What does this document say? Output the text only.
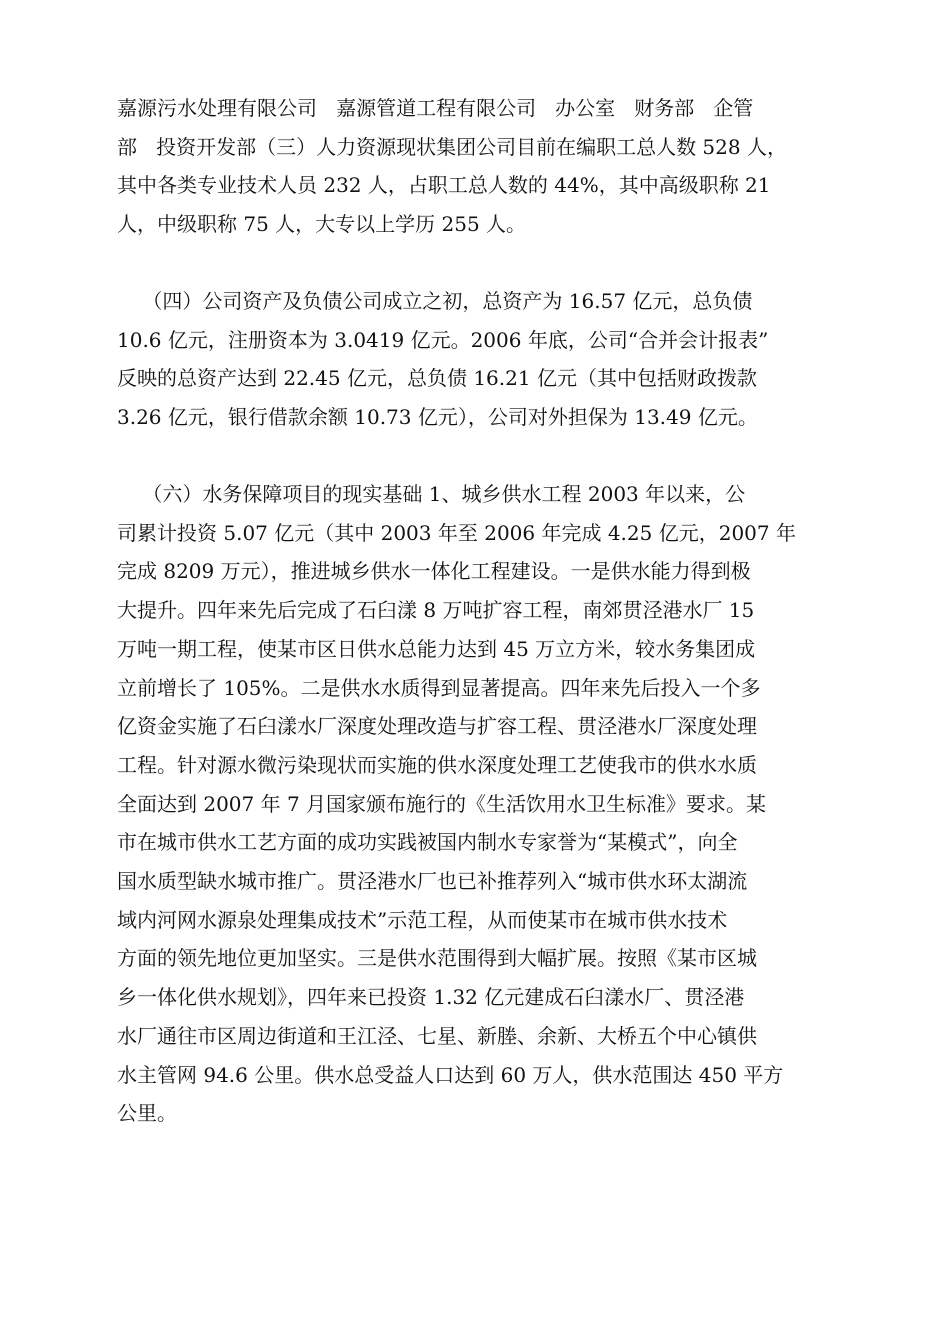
嘉源污水处理有限公司   嘉源管道工程有限公司   办公室   财务部   企管
部   投资开发部（三）人力资源现状集团公司目前在编职工总人数 528 人，
其中各类专业技术人员 232 人，占职工总人数的 44%，其中高级职称 21
人，中级职称 75 人，大专以上学历 255 人。
（四）公司资产及负债公司成立之初，总资产为 16.57 亿元，总负债
10.6 亿元，注册资本为 3.0419 亿元。2006 年底，公司“合并会计报表”
反映的总资产达到 22.45 亿元，总负债 16.21 亿元（其中包括财政拨款
3.26 亿元，银行借款余额 10.73 亿元），公司对外担保为 13.49 亿元。
（六）水务保障项目的现实基础 1、城乡供水工程 2003 年以来，公
司累计投资 5.07 亿元（其中 2003 年至 2006 年完成 4.25 亿元，2007 年
完成 8209 万元），推进城乡供水一体化工程建设。一是供水能力得到极
大提升。四年来先后完成了石臼漾 8 万吨扩容工程，南郊贯泾港水厂 15
万吨一期工程，使某市区日供水总能力达到 45 万立方米，较水务集团成
立前增长了 105%。二是供水水质得到显著提高。四年来先后投入一个多
亿资金实施了石臼漾水厂深度处理改造与扩容工程、贯泾港水厂深度处理
工程。针对源水微污染现状而实施的供水深度处理工艺使我市的供水水质
全面达到 2007 年 7 月国家颁布施行的《生活饮用水卫生标准》要求。某
市在城市供水工艺方面的成功实践被国内制水专家誉为“某模式”，向全
国水质型缺水城市推广。贯泾港水厂也已补推荐列入“城市供水环太湖流
域内河网水源泉处理集成技术”示范工程，从而使某市在城市供水技术
方面的领先地位更加坚实。三是供水范围得到大幅扩展。按照《某市区城
乡一体化供水规划》，四年来已投资 1.32 亿元建成石臼漾水厂、贯泾港
水厂通往市区周边街道和王江泾、七星、新塍、余新、大桥五个中心镇供
水主管网 94.6 公里。供水总受益人口达到 60 万人，供水范围达 450 平方
公里。
